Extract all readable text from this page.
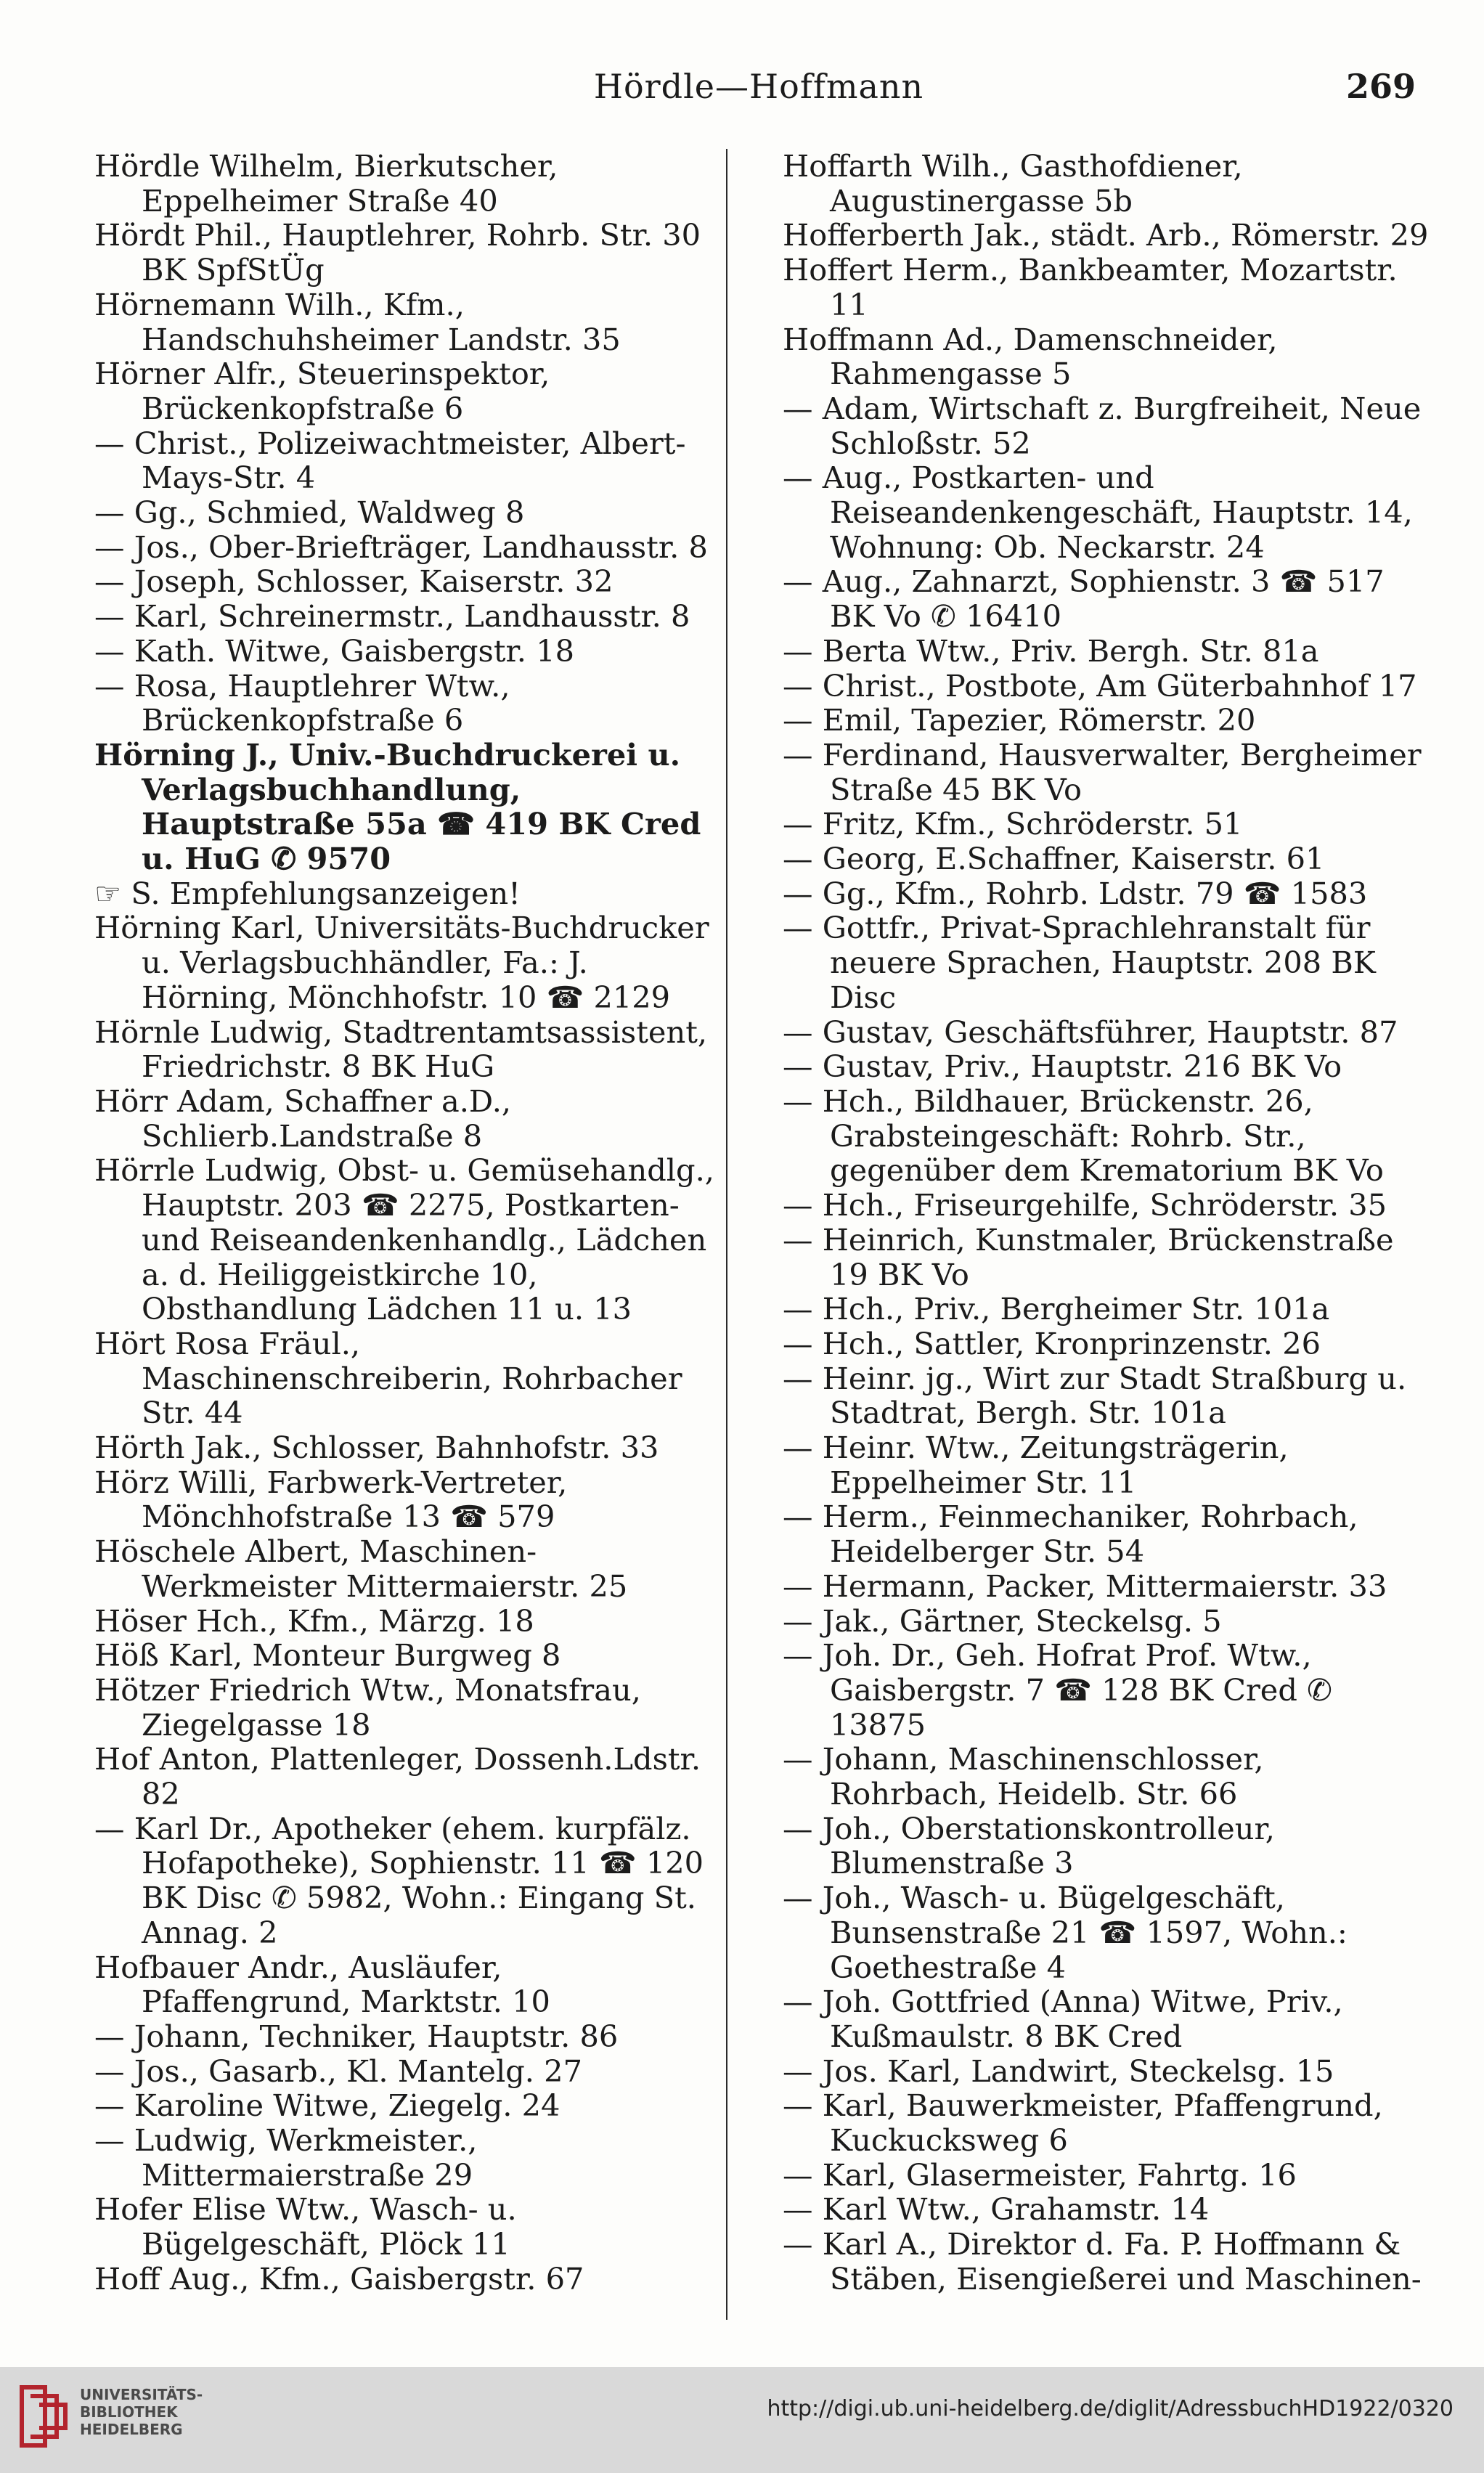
Hördle—Hoffmann	269
Hördle Wilhelm, Bierkutscher, Eppelheimer Straße 40
Hördt Phil., Hauptlehrer, Rohrb. Str. 30 BK SpfStÜg
Hörnemann Wilh., Kfm., Handschuhsheimer Landstr. 35
Hörner Alfr., Steuerinspektor, Brückenkopfstraße 6
— Christ., Polizeiwachtmeister, Albert-Mays-Str. 4
— Gg., Schmied, Waldweg 8
— Jos., Ober-Briefträger, Landhausstr. 8
— Joseph, Schlosser, Kaiserstr. 32
— Karl, Schreinermstr., Landhausstr. 8
— Kath. Witwe, Gaisbergstr. 18
— Rosa, Hauptlehrer Wtw., Brückenkopfstraße 6
Hörning J., Univ.-Buchdruckerei u. Verlagsbuchhandlung, Hauptstraße 55a ☎ 419 BK Cred u. HuG ✆ 9570
☞ S. Empfehlungsanzeigen!
Hörning Karl, Universitäts-Buchdrucker u. Verlagsbuchhändler, Fa.: J. Hörning, Mönchhofstr. 10 ☎ 2129
Hörnle Ludwig, Stadtrentamtsassistent, Friedrichstr. 8 BK HuG
Hörr Adam, Schaffner a.D., Schlierb.Landstraße 8
Hörrle Ludwig, Obst- u. Gemüsehandlg., Hauptstr. 203 ☎ 2275, Postkarten- und Reiseandenkenhandlg., Lädchen a. d. Heiliggeistkirche 10, Obsthandlung Lädchen 11 u. 13
Hört Rosa Fräul., Maschinenschreiberin, Rohrbacher Str. 44
Hörth Jak., Schlosser, Bahnhofstr. 33
Hörz Willi, Farbwerk-Vertreter, Mönchhofstraße 13 ☎ 579
Höschele Albert, Maschinen-Werkmeister Mittermaierstr. 25
Höser Hch., Kfm., Märzg. 18
Höß Karl, Monteur Burgweg 8
Hötzer Friedrich Wtw., Monatsfrau, Ziegelgasse 18
Hof Anton, Plattenleger, Dossenh.Ldstr. 82
— Karl Dr., Apotheker (ehem. kurpfälz. Hofapotheke), Sophienstr. 11 ☎ 120 BK Disc ✆ 5982, Wohn.: Eingang St. Annag. 2
Hofbauer Andr., Ausläufer, Pfaffengrund, Marktstr. 10
— Johann, Techniker, Hauptstr. 86
— Jos., Gasarb., Kl. Mantelg. 27
— Karoline Witwe, Ziegelg. 24
— Ludwig, Werkmeister., Mittermaierstraße 29
Hofer Elise Wtw., Wasch- u. Bügelgeschäft, Plöck 11
Hoff Aug., Kfm., Gaisbergstr. 67
Hoffarth Wilh., Gasthofdiener, Augustinergasse 5b
Hofferberth Jak., städt. Arb., Römerstr. 29
Hoffert Herm., Bankbeamter, Mozartstr. 11
Hoffmann Ad., Damenschneider, Rahmengasse 5
— Adam, Wirtschaft z. Burgfreiheit, Neue Schloßstr. 52
— Aug., Postkarten- und Reiseandenkengeschäft, Hauptstr. 14, Wohnung: Ob. Neckarstr. 24
— Aug., Zahnarzt, Sophienstr. 3 ☎ 517 BK Vo ✆ 16410
— Berta Wtw., Priv. Bergh. Str. 81a
— Christ., Postbote, Am Güterbahnhof 17
— Emil, Tapezier, Römerstr. 20
— Ferdinand, Hausverwalter, Bergheimer Straße 45 BK Vo
— Fritz, Kfm., Schröderstr. 51
— Georg, E.Schaffner, Kaiserstr. 61
— Gg., Kfm., Rohrb. Ldstr. 79 ☎ 1583
— Gottfr., Privat-Sprachlehranstalt für neuere Sprachen, Hauptstr. 208 BK Disc
— Gustav, Geschäftsführer, Hauptstr. 87
— Gustav, Priv., Hauptstr. 216 BK Vo
— Hch., Bildhauer, Brückenstr. 26, Grabsteingeschäft: Rohrb. Str., gegenüber dem Krematorium BK Vo
— Hch., Friseurgehilfe, Schröderstr. 35
— Heinrich, Kunstmaler, Brückenstraße 19 BK Vo
— Hch., Priv., Bergheimer Str. 101a
— Hch., Sattler, Kronprinzenstr. 26
— Heinr. jg., Wirt zur Stadt Straßburg u. Stadtrat, Bergh. Str. 101a
— Heinr. Wtw., Zeitungsträgerin, Eppelheimer Str. 11
— Herm., Feinmechaniker, Rohrbach, Heidelberger Str. 54
— Hermann, Packer, Mittermaierstr. 33
— Jak., Gärtner, Steckelsg. 5
— Joh. Dr., Geh. Hofrat Prof. Wtw., Gaisbergstr. 7 ☎ 128 BK Cred ✆ 13875
— Johann, Maschinenschlosser, Rohrbach, Heidelb. Str. 66
— Joh., Oberstationskontrolleur, Blumenstraße 3
— Joh., Wasch- u. Bügelgeschäft, Bunsenstraße 21 ☎ 1597, Wohn.: Goethestraße 4
— Joh. Gottfried (Anna) Witwe, Priv., Kußmaulstr. 8 BK Cred
— Jos. Karl, Landwirt, Steckelsg. 15
— Karl, Bauwerkmeister, Pfaffengrund, Kuckucksweg 6
— Karl, Glasermeister, Fahrtg. 16
— Karl Wtw., Grahamstr. 14
— Karl A., Direktor d. Fa. P. Hoffmann & Stäben, Eisengießerei und Maschinen-
UNIVERSITÄTS-
BIBLIOTHEK
HEIDELBERG
http://digi.ub.uni-heidelberg.de/diglit/AdressbuchHD1922/0320
